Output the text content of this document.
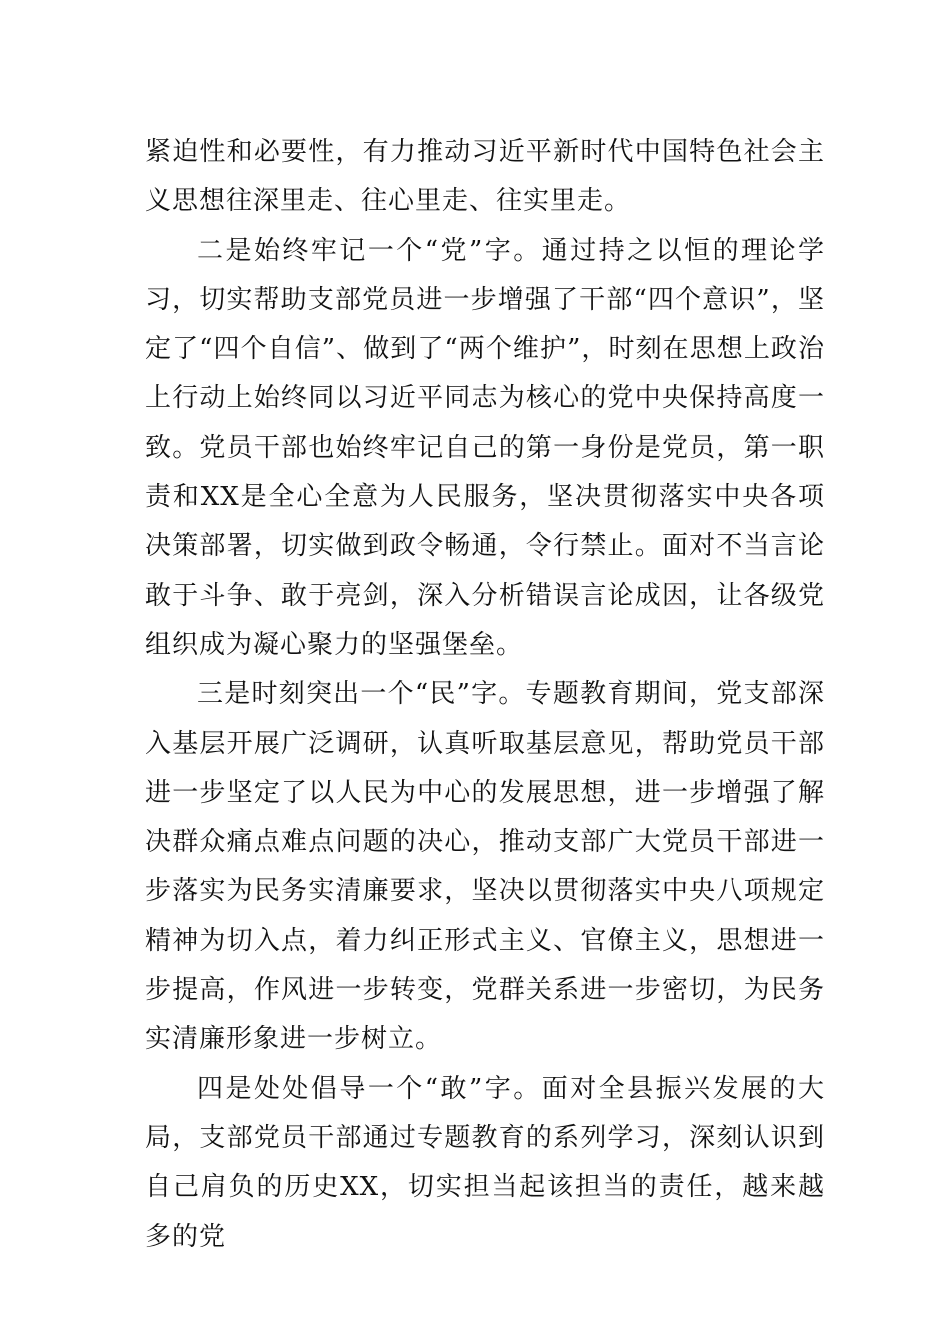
紧迫性和必要性，有力推动习近平新时代中国特色社会主义思想往深里走、往心里走、往实里走。

二是始终牢记一个“党”字。通过持之以恒的理论学习，切实帮助支部党员进一步增强了干部“四个意识”，坚定了“四个自信”、做到了“两个维护”，时刻在思想上政治上行动上始终同以习近平同志为核心的党中央保持高度一致。党员干部也始终牢记自己的第一身份是党员，第一职责和XX是全心全意为人民服务，坚决贯彻落实中央各项决策部署，切实做到政令畅通，令行禁止。面对不当言论敢于斗争、敢于亮剑，深入分析错误言论成因，让各级党组织成为凝心聚力的坚强堡垒。

三是时刻突出一个“民”字。专题教育期间，党支部深入基层开展广泛调研，认真听取基层意见，帮助党员干部进一步坚定了以人民为中心的发展思想，进一步增强了解决群众痛点难点问题的决心，推动支部广大党员干部进一步落实为民务实清廉要求，坚决以贯彻落实中央八项规定精神为切入点，着力纠正形式主义、官僚主义，思想进一步提高，作风进一步转变，党群关系进一步密切，为民务实清廉形象进一步树立。

四是处处倡导一个“敢”字。面对全县振兴发展的大局，支部党员干部通过专题教育的系列学习，深刻认识到自己肩负的历史XX，切实担当起该担当的责任，越来越多的党
